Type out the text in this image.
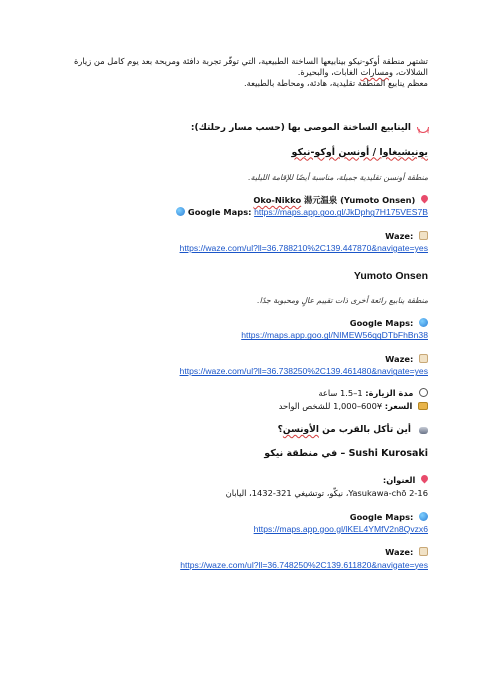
تشتهر منطقة أوكو-نيكو بينابيعها الساخنة الطبيعية، التي توفّر تجربة دافئة ومريحة بعد يوم كامل من زيارة الشلالات، ومسارات الغابات، والبحيرة.

معظم ينابيع المنطقة تقليدية، هادئة، ومحاطة بالطبيعة.

~ ~
الينابيع الساخنة الموصى بها (حسب مسار رحلتك):
يونيشيغاوا / أونسن أوكو-نيكو
منطقة أونسن تقليدية جميلة، مناسبة أيضًا للإقامة الليلية.
Oko-Nikko 湯元温泉 (Yumoto Onsen)
Google Maps: https://maps.app.goo.gl/JkDphg7H175VES7B
Waze:
https://waze.com/ul?ll=36.788210%2C139.447870&navigate=yes
Yumoto Onsen
منطقة ينابيع رائعة أخرى ذات تقييم عالٍ ومحبوبة جدًا.
Google Maps:
https://maps.app.goo.gl/NIMEW56qqDTbFhBn38
Waze:
https://waze.com/ul?ll=36.738250%2C139.461480&navigate=yes
مدة الزيارة: 1–1.5 ساعة
السعر: ¥600–1,000 للشخص الواحد
أين تأكل بالقرب من الأونسن؟
Sushi Kurosaki – في منطقة نيكو
العنوان:
2-16 Yasukawa-chō، نيكّو، توتشيغي 321-1432، اليابان
Google Maps:
https://maps.app.goo.gl/lKEL4YMfV2n8Qvzx6
Waze:
https://waze.com/ul?ll=36.748250%2C139.611820&navigate=yes
